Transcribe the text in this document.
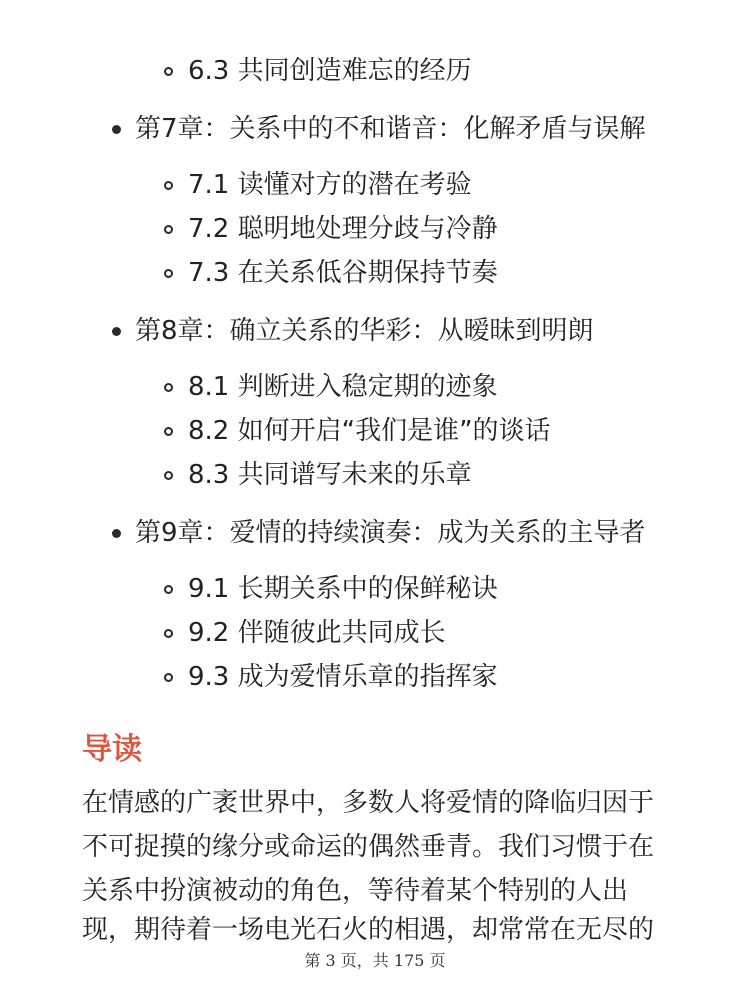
6.3 共同创造难忘的经历
第7章：关系中的不和谐音：化解矛盾与误解
7.1 读懂对方的潜在考验
7.2 聪明地处理分歧与冷静
7.3 在关系低谷期保持节奏
第8章：确立关系的华彩：从暧昧到明朗
8.1 判断进入稳定期的迹象
8.2 如何开启“我们是谁”的谈话
8.3 共同谱写未来的乐章
第9章：爱情的持续演奏：成为关系的主导者
9.1 长期关系中的保鲜秘诀
9.2 伴随彼此共同成长
9.3 成为爱情乐章的指挥家
导读
在情感的广袤世界中，多数人将爱情的降临归因于
不可捉摸的缘分或命运的偶然垂青。我们习惯于在
关系中扮演被动的角色，等待着某个特别的人出
现，期待着一场电光石火的相遇，却常常在无尽的
第 3 页，共 175 页
